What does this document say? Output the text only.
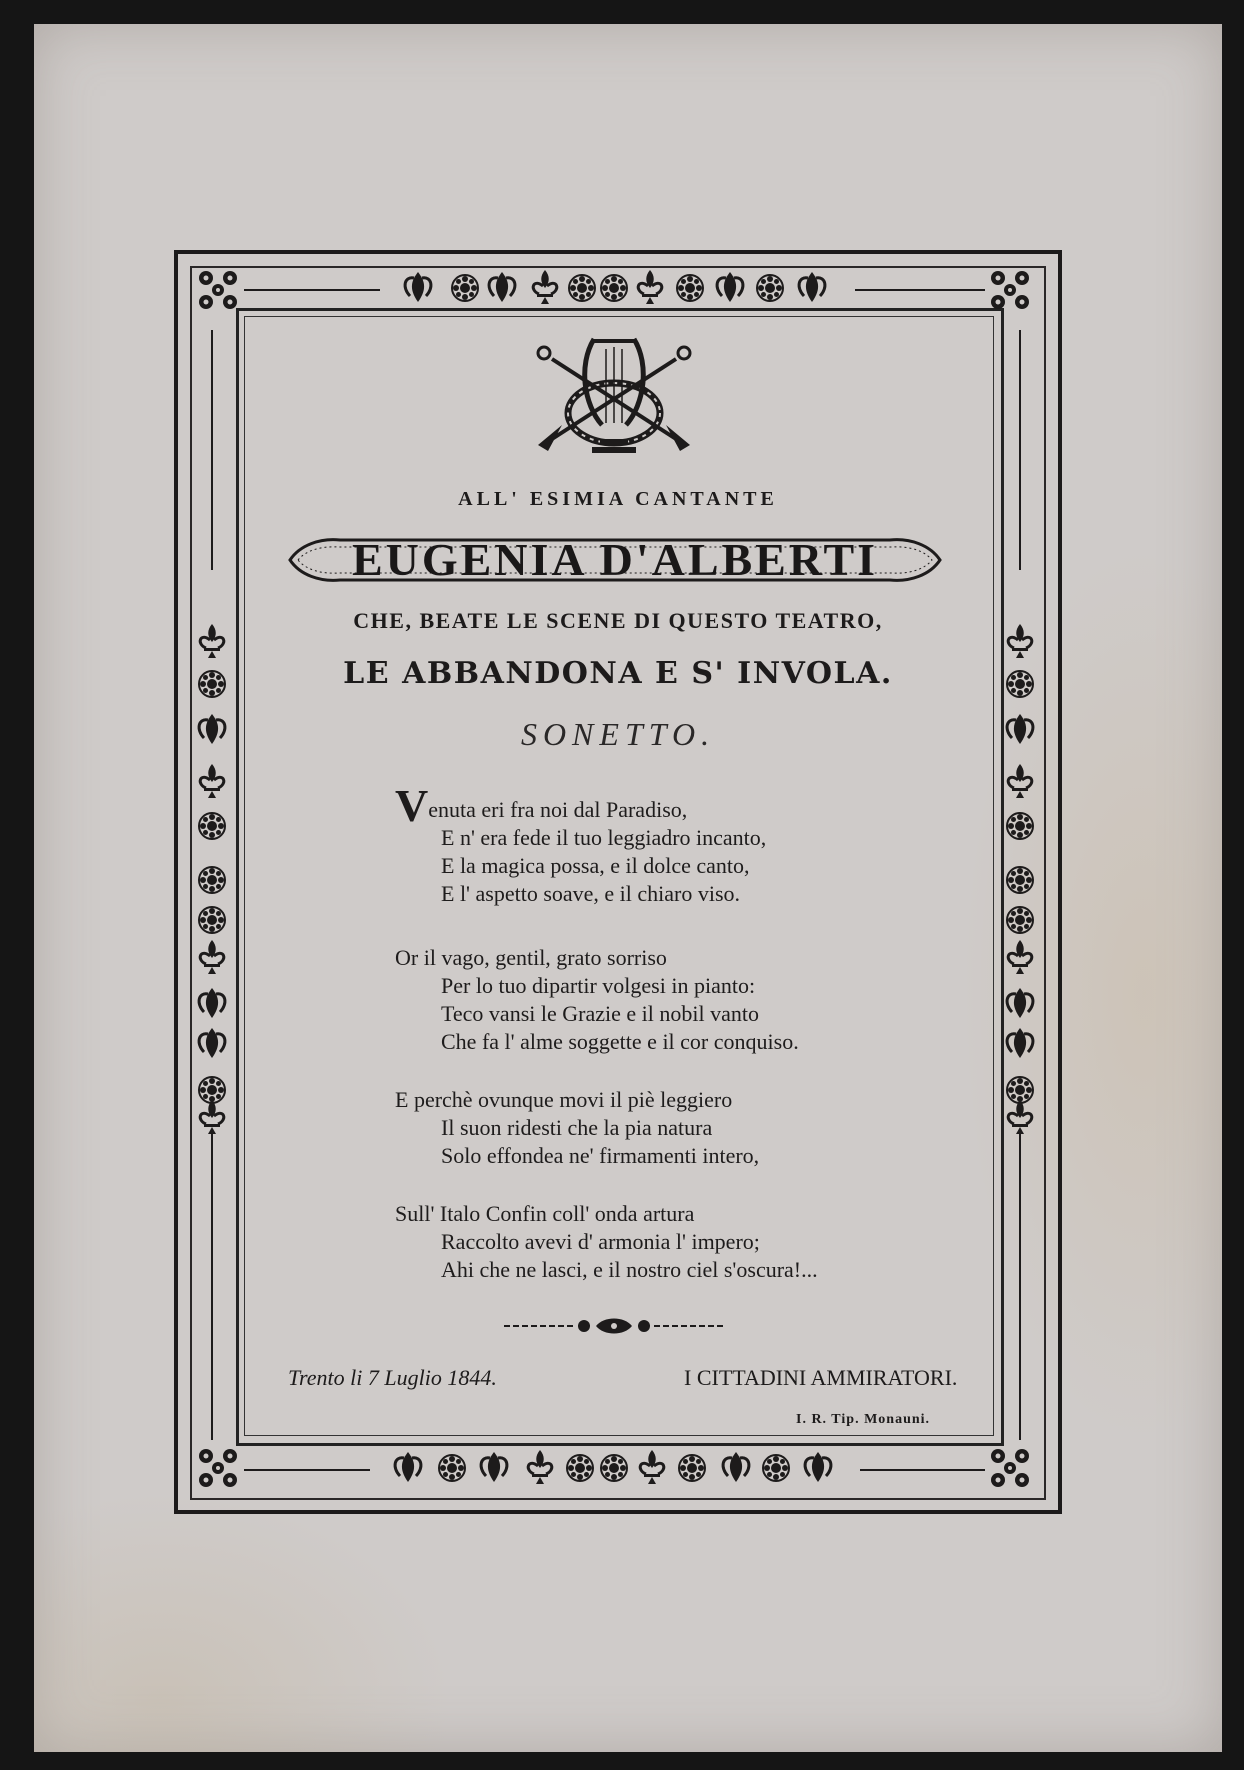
ALL' ESIMIA CANTANTE
EUGENIA D'ALBERTI
CHE, BEATE LE SCENE DI QUESTO TEATRO,
LE ABBANDONA E S' INVOLA.
SONETTO.
Venuta eri fra noi dal Paradiso,
E n' era fede il tuo leggiadro incanto,
E la magica possa, e il dolce canto,
E l' aspetto soave, e il chiaro viso.
Or il vago, gentil, grato sorriso
Per lo tuo dipartir volgesi in pianto:
Teco vansi le Grazie e il nobil vanto
Che fa l' alme soggette e il cor conquiso.
E perchè ovunque movi il piè leggiero
Il suon ridesti che la pia natura
Solo effondea ne' firmamenti intero,
Sull' Italo Confin coll' onda artura
Raccolto avevi d' armonia l' impero;
Ahi che ne lasci, e il nostro ciel s'oscura!...
Trento li 7 Luglio 1844.	I CITTADINI AMMIRATORI.
I. R. Tip. Monauni.
